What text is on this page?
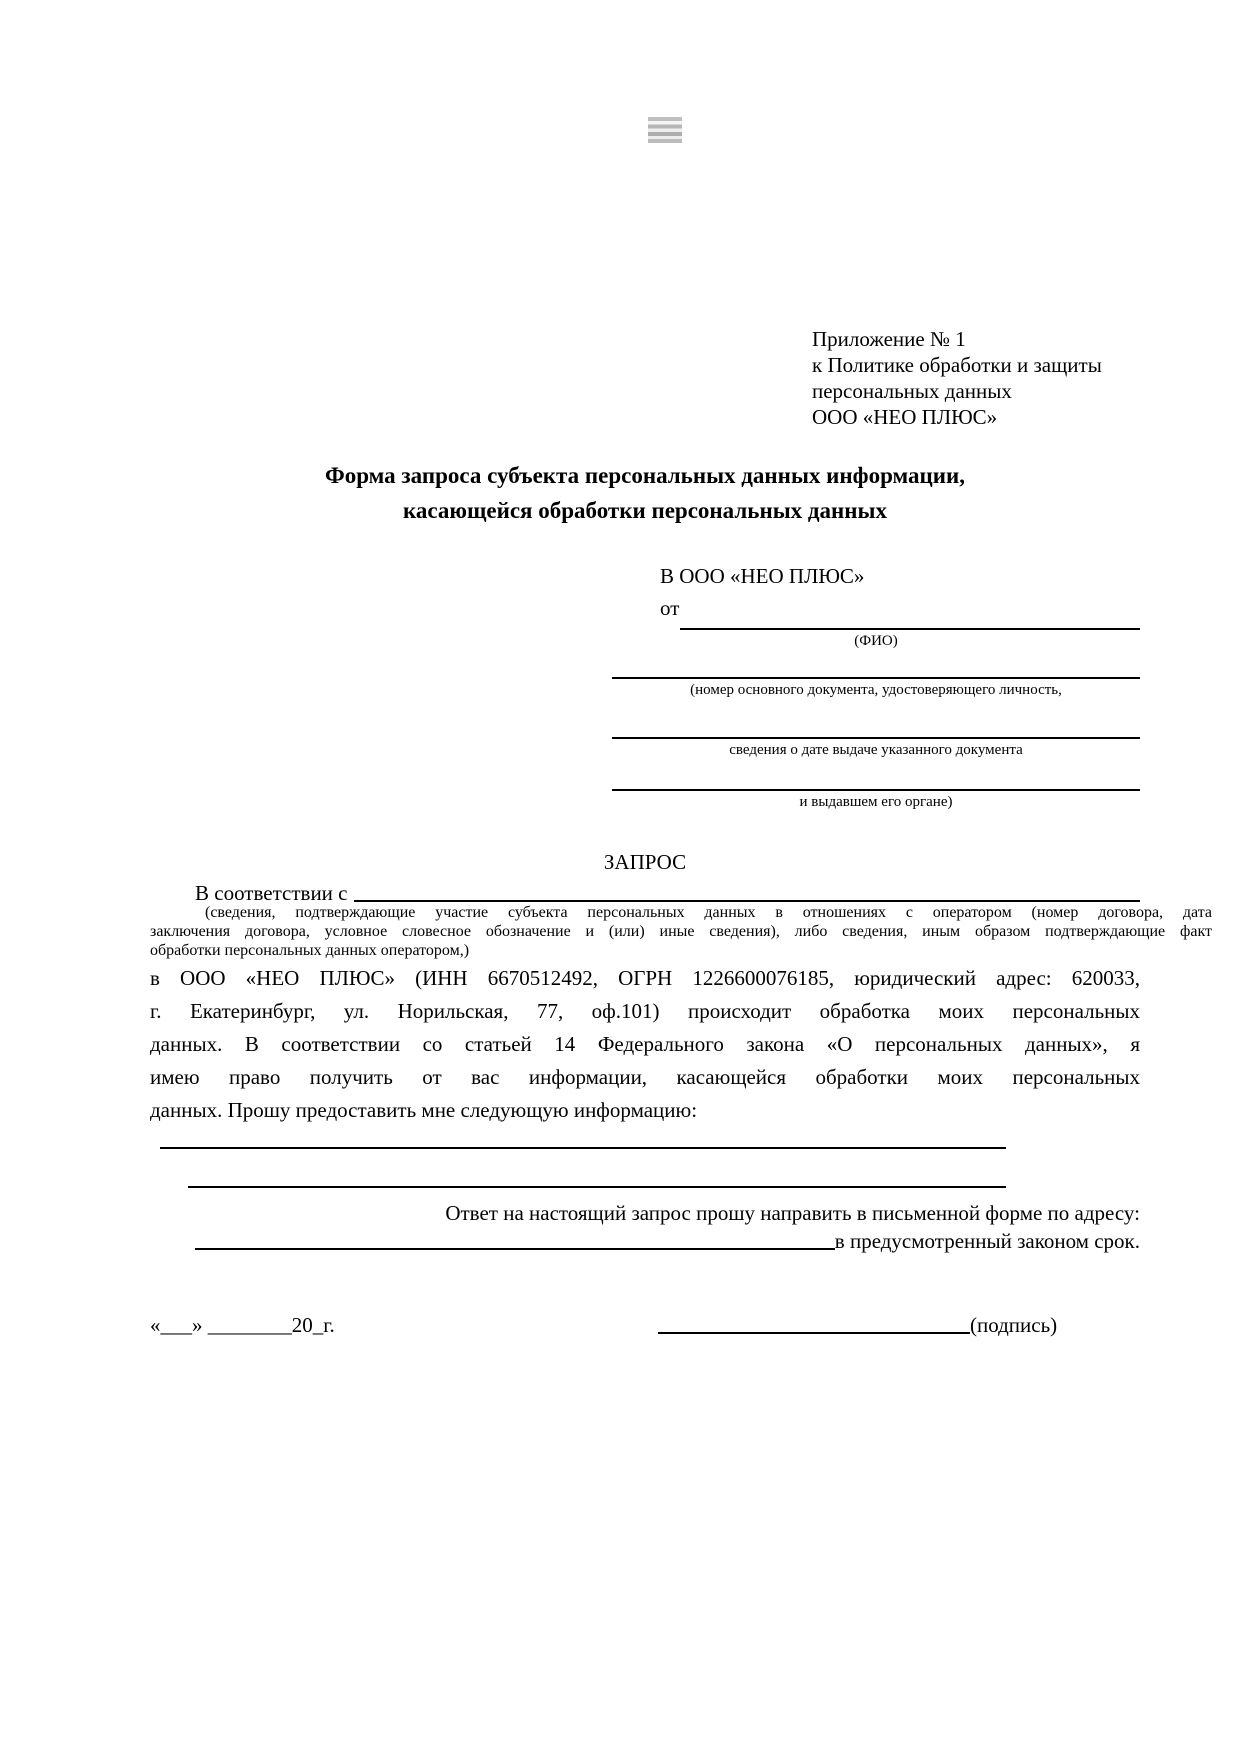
Приложение № 1
к Политике обработки и защиты
персональных данных
ООО «НЕО ПЛЮС»
Форма запроса субъекта персональных данных информации,
касающейся обработки персональных данных
В ООО «НЕО ПЛЮС»
от
(ФИО)
(номер основного документа, удостоверяющего личность,
сведения о дате выдаче указанного документа
и выдавшем его органе)
ЗАПРОС
В соответствии с
(сведения, подтверждающие участие субъекта персональных данных в отношениях с оператором (номер договора, дата
заключения договора, условное словесное обозначение и (или) иные сведения), либо сведения, иным образом подтверждающие факт
обработки персональных данных оператором,)
в ООО «НЕО ПЛЮС» (ИНН 6670512492, ОГРН 1226600076185, юридический адрес: 620033,
г. Екатеринбург, ул. Норильская, 77, оф.101) происходит обработка моих персональных
данных. В соответствии со статьей 14 Федерального закона «О персональных данных», я
имею право получить от вас информации, касающейся обработки моих персональных
данных. Прошу предоставить мне следующую информацию:
Ответ на настоящий запрос прошу направить в письменной форме по адресу:
в предусмотренный законом срок.
«___» ________20_г.	(подпись)
